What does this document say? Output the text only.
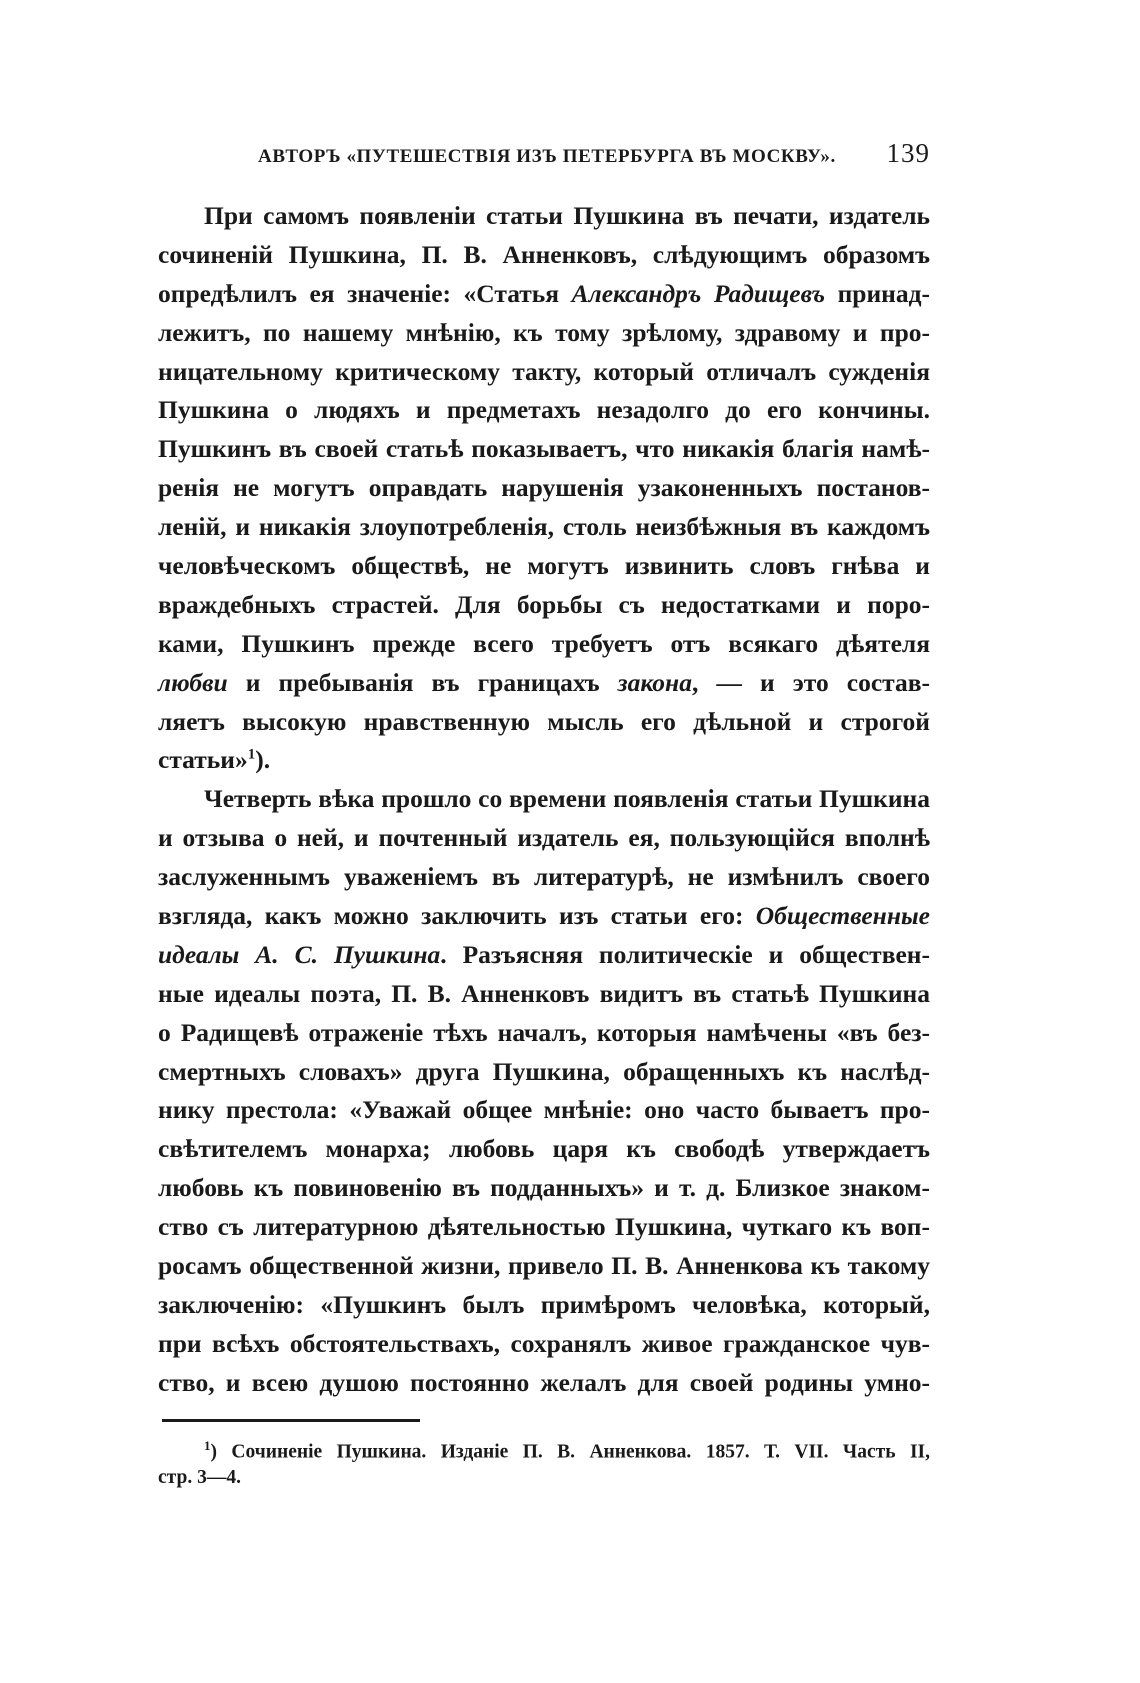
АВТОРЪ «ПУТЕШЕСТВІЯ ИЗЪ ПЕТЕРБУРГА ВЪ МОСКВУ». 139
При самомъ появленіи статьи Пушкина въ печати, издатель
сочиненій Пушкина, П. В. Анненковъ, слѣдующимъ образомъ
опредѣлилъ ея значеніе: «Статья Александръ Радищевъ принад-
лежитъ, по нашему мнѣнію, къ тому зрѣлому, здравому и про-
ницательному критическому такту, который отличалъ сужденія
Пушкина о людяхъ и предметахъ незадолго до его кончины.
Пушкинъ въ своей статьѣ показываетъ, что никакія благія намѣ-
ренія не могутъ оправдать нарушенія узаконенныхъ постанов-
леній, и никакія злоупотребленія, столь неизбѣжныя въ каждомъ
человѣческомъ обществѣ, не могутъ извинить словъ гнѣва и
враждебныхъ страстей. Для борьбы съ недостатками и поро-
ками, Пушкинъ прежде всего требуетъ отъ всякаго дѣятеля
любви и пребыванія въ границахъ закона, — и это состав-
ляетъ высокую нравственную мысль его дѣльной и строгой
статьи»$^1$).
Четверть вѣка прошло со времени появленія статьи Пушкина
и отзыва о ней, и почтенный издатель ея, пользующійся вполнѣ
заслуженнымъ уваженіемъ въ литературѣ, не измѣнилъ своего
взгляда, какъ можно заключить изъ статьи его: Общественные
идеалы А. С. Пушкина. Разъясняя политическіе и обществен-
ные идеалы поэта, П. В. Анненковъ видитъ въ статьѣ Пушкина
о Радищевѣ отраженіе тѣхъ началъ, которыя намѣчены «въ без-
смертныхъ словахъ» друга Пушкина, обращенныхъ къ наслѣд-
нику престола: «Уважай общее мнѣніе: оно часто бываетъ про-
свѣтителемъ монарха; любовь царя къ свободѣ утверждаетъ
любовь къ повиновенію въ подданныхъ» и т. д. Близкое знаком-
ство съ литературною дѣятельностью Пушкина, чуткаго къ воп-
росамъ общественной жизни, привело П. В. Анненкова къ такому
заключенію: «Пушкинъ былъ примѣромъ человѣка, который,
при всѣхъ обстоятельствахъ, сохранялъ живое гражданское чув-
ство, и всею душою постоянно желалъ для своей родины умно-
$^1$) Сочиненіе Пушкина. Изданіе П. В. Анненкова. 1857. Т. VII. Часть II,
стр. 3—4.
